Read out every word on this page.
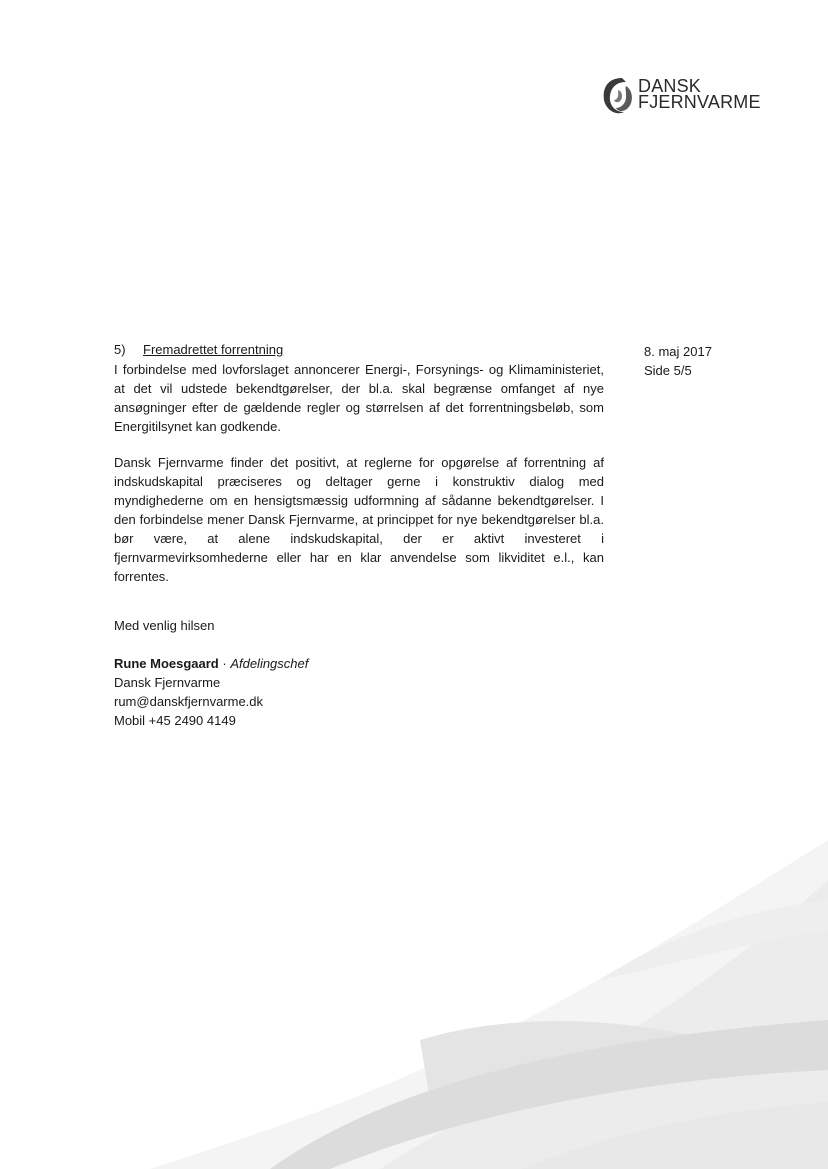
DANSK
FJERNVARME
8. maj 2017
Side 5/5
5) Fremadrettet forrentning

I forbindelse med lovforslaget annoncerer Energi-, Forsynings- og Klimaministeriet, at det vil udstede bekendtgørelser, der bl.a. skal begrænse omfanget af nye ansøgninger efter de gældende regler og størrelsen af det forrentningsbeløb, som Energitilsynet kan godkende.

Dansk Fjernvarme finder det positivt, at reglerne for opgørelse af forrentning af indskudskapital præciseres og deltager gerne i konstruktiv dialog med myndighederne om en hensigtsmæssig udformning af sådanne bekendtgørelser. I den forbindelse mener Dansk Fjernvarme, at princippet for nye bekendtgørelser bl.a. bør være, at alene indskudskapital, der er aktivt investeret i fjernvarmevirksomhederne eller har en klar anvendelse som likviditet e.l., kan forrentes.

Med venlig hilsen
Rune Moesgaard · Afdelingschef
Dansk Fjernvarme
rum@danskfjernvarme.dk
Mobil +45 2490 4149
